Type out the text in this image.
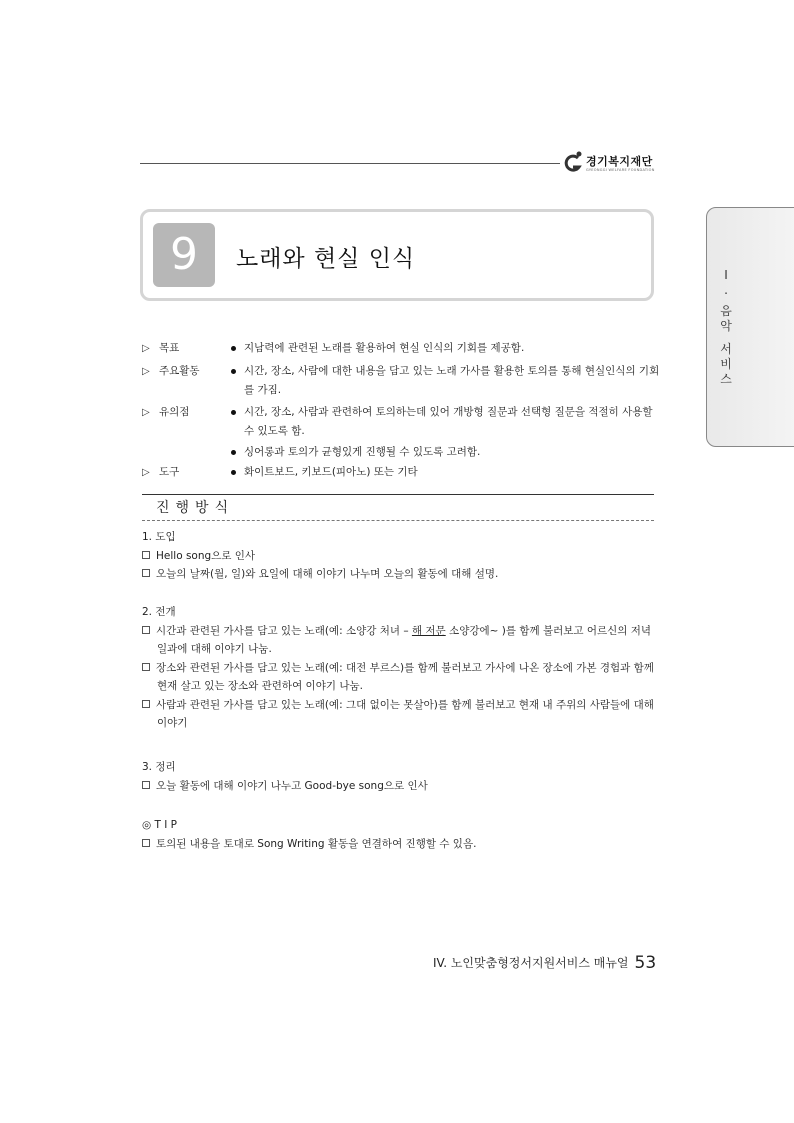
경기복지재단
GYEONGGI WELFARE FOUNDATION
Ⅰ
.
음
악
서
비
스
9	노래와 현실 인식
▷ 목표	지남력에 관련된 노래를 활용하여 현실 인식의 기회를 제공함.
▷ 주요활동	시간, 장소, 사람에 대한 내용을 담고 있는 노래 가사를 활용한 토의를 통해 현실인식의 기회를 가짐.
▷ 유의점	시간, 장소, 사람과 관련하여 토의하는데 있어 개방형 질문과 선택형 질문을 적절히 사용할 수 있도록 함.
싱어롱과 토의가 균형있게 진행될 수 있도록 고려함.
▷ 도구	화이트보드, 키보드(피아노) 또는 기타
진행방식
1. 도입
Hello song으로 인사
오늘의 날짜(월, 일)와 요일에 대해 이야기 나누며 오늘의 활동에 대해 설명.
2. 전개
시간과 관련된 가사를 담고 있는 노래(예: 소양강 처녀 – 해 저문 소양강에~ )를 함께 불러보고 어르신의 저녁
일과에 대해 이야기 나눔.
장소와 관련된 가사를 담고 있는 노래(예: 대전 부르스)를 함께 불러보고 가사에 나온 장소에 가본 경험과 함께
현재 살고 있는 장소와 관련하여 이야기 나눔.
사람과 관련된 가사를 담고 있는 노래(예: 그대 없이는 못살아)를 함께 불러보고 현재 내 주위의 사람들에 대해
이야기
3. 정리
오늘 활동에 대해 이야기 나누고 Good-bye song으로 인사
◎ T I P
토의된 내용을 토대로 Song Writing 활동을 연결하여 진행할 수 있음.
IV. 노인맞춤형정서지원서비스 매뉴얼 53
